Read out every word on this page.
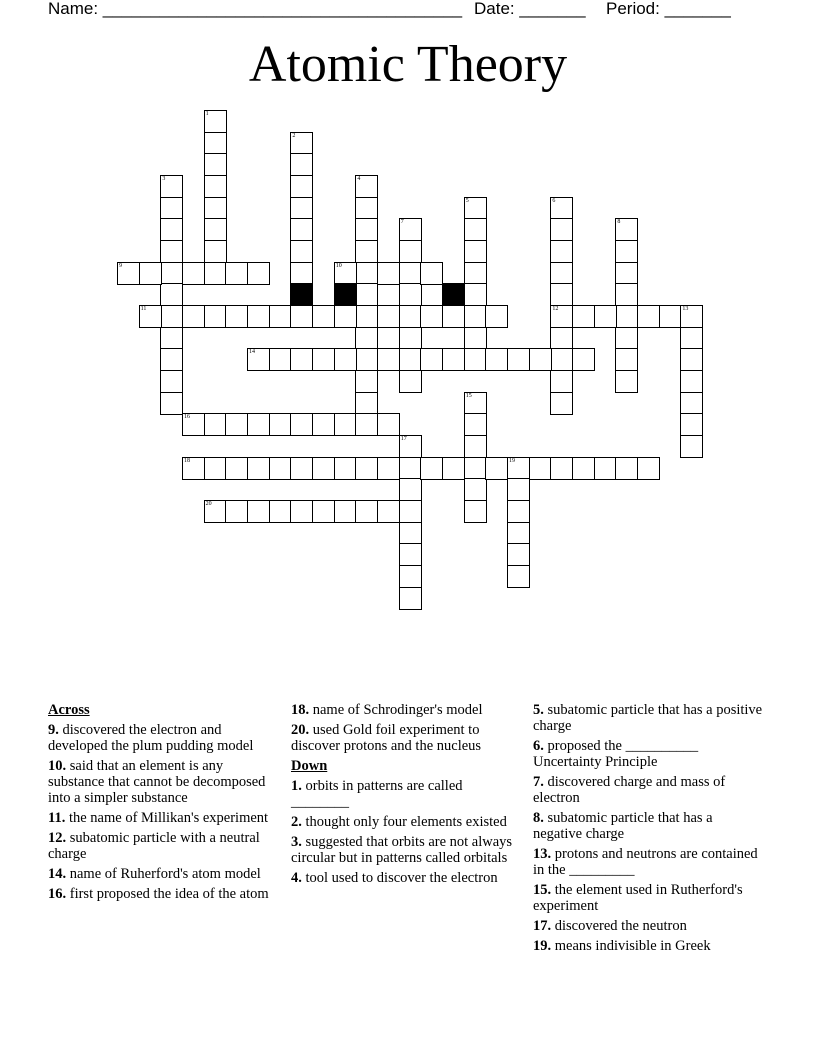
Name: ______________________________________ Date: _______ Period: _______
Atomic Theory
1
2
3	4
5	6
12
7	8
9	10
11	13
14
15
16
17
18	19
20
Across
9. discovered the electron and developed the plum pudding model
10. said that an element is any substance that cannot be decomposed into a simpler substance
11. the name of Millikan's experiment
12. subatomic particle with a neutral charge
14. name of Ruherford's atom model
16. first proposed the idea of the atom
18. name of Schrodinger's model
20. used Gold foil experiment to discover protons and the nucleus
Down
1. orbits in patterns are called ________
2. thought only four elements existed
3. suggested that orbits are not always circular but in patterns called orbitals
4. tool used to discover the electron
5. subatomic particle that has a positive charge
6. proposed the __________ Uncertainty Principle
7. discovered charge and mass of electron
8. subatomic particle that has a negative charge
13. protons and neutrons are contained in the _________
15. the element used in Rutherford's experiment
17. discovered the neutron
19. means indivisible in Greek
